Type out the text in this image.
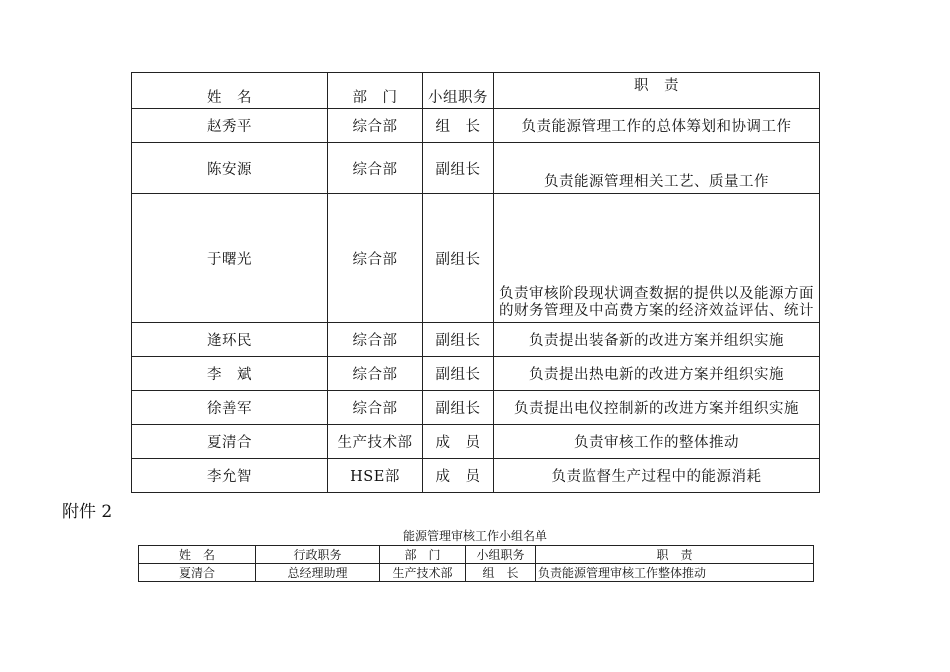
姓　名	部　门	小组职务	职　责
赵秀平	综合部	组　长	负责能源管理工作的总体筹划和协调工作
陈安源	综合部	副组长	负责能源管理相关工艺、质量工作
于曙光	综合部	副组长	负责审核阶段现状调查数据的提供以及能源方面的财务管理及中高费方案的经济效益评估、统计
逄环民	综合部	副组长	负责提出装备新的改进方案并组织实施
李　斌	综合部	副组长	负责提出热电新的改进方案并组织实施
徐善军	综合部	副组长	负责提出电仪控制新的改进方案并组织实施
夏清合	生产技术部	成　员	负责审核工作的整体推动
李允智	HSE部	成　员	负责监督生产过程中的能源消耗
附件 2
能源管理审核工作小组名单
姓　名	行政职务	部　门	小组职务	职　责
夏清合	总经理助理	生产技术部	组　长	负责能源管理审核工作整体推动
